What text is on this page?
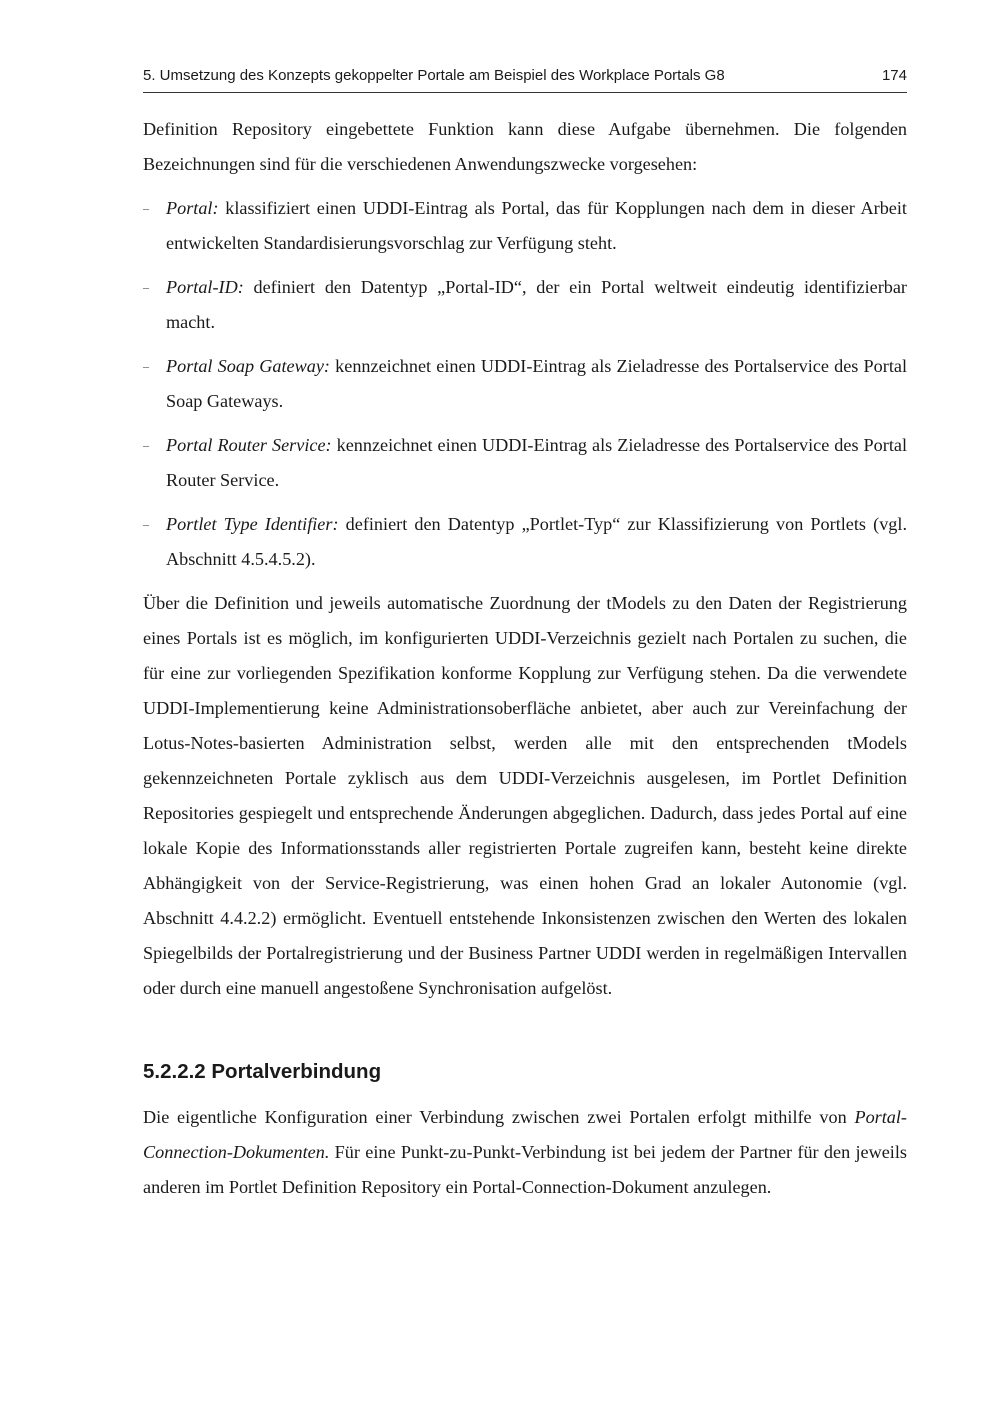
5. Umsetzung des Konzepts gekoppelter Portale am Beispiel des Workplace Portals G8	174

Definition Repository eingebettete Funktion kann diese Aufgabe übernehmen. Die folgenden Bezeichnungen sind für die verschiedenen Anwendungszwecke vorgesehen:

– Portal: klassifiziert einen UDDI-Eintrag als Portal, das für Kopplungen nach dem in dieser Arbeit entwickelten Standardisierungsvorschlag zur Verfügung steht.
– Portal-ID: definiert den Datentyp „Portal-ID“, der ein Portal weltweit eindeutig identifizierbar macht.
– Portal Soap Gateway: kennzeichnet einen UDDI-Eintrag als Zieladresse des Portalservice des Portal Soap Gateways.
– Portal Router Service: kennzeichnet einen UDDI-Eintrag als Zieladresse des Portalservice des Portal Router Service.
– Portlet Type Identifier: definiert den Datentyp „Portlet-Typ“ zur Klassifizierung von Portlets (vgl. Abschnitt 4.5.4.5.2).

Über die Definition und jeweils automatische Zuordnung der tModels zu den Daten der Registrierung eines Portals ist es möglich, im konfigurierten UDDI-Verzeichnis gezielt nach Portalen zu suchen, die für eine zur vorliegenden Spezifikation konforme Kopplung zur Verfügung stehen. Da die verwendete UDDI-Implementierung keine Administrationsoberfläche anbietet, aber auch zur Vereinfachung der Lotus-Notes-basierten Administration selbst, werden alle mit den entsprechenden tModels gekennzeichneten Portale zyklisch aus dem UDDI-Verzeichnis ausgelesen, im Portlet Definition Repositories gespiegelt und entsprechende Änderungen abgeglichen. Dadurch, dass jedes Portal auf eine lokale Kopie des Informationsstands aller registrierten Portale zugreifen kann, besteht keine direkte Abhängigkeit von der Service-Registrierung, was einen hohen Grad an lokaler Autonomie (vgl. Abschnitt 4.4.2.2) ermöglicht. Eventuell entstehende Inkonsistenzen zwischen den Werten des lokalen Spiegelbilds der Portalregistrierung und der Business Partner UDDI werden in regelmäßigen Intervallen oder durch eine manuell angestoßene Synchronisation aufgelöst.

5.2.2.2 Portalverbindung

Die eigentliche Konfiguration einer Verbindung zwischen zwei Portalen erfolgt mithilfe von Portal-Connection-Dokumenten. Für eine Punkt-zu-Punkt-Verbindung ist bei jedem der Partner für den jeweils anderen im Portlet Definition Repository ein Portal-Connection-Dokument anzulegen.
